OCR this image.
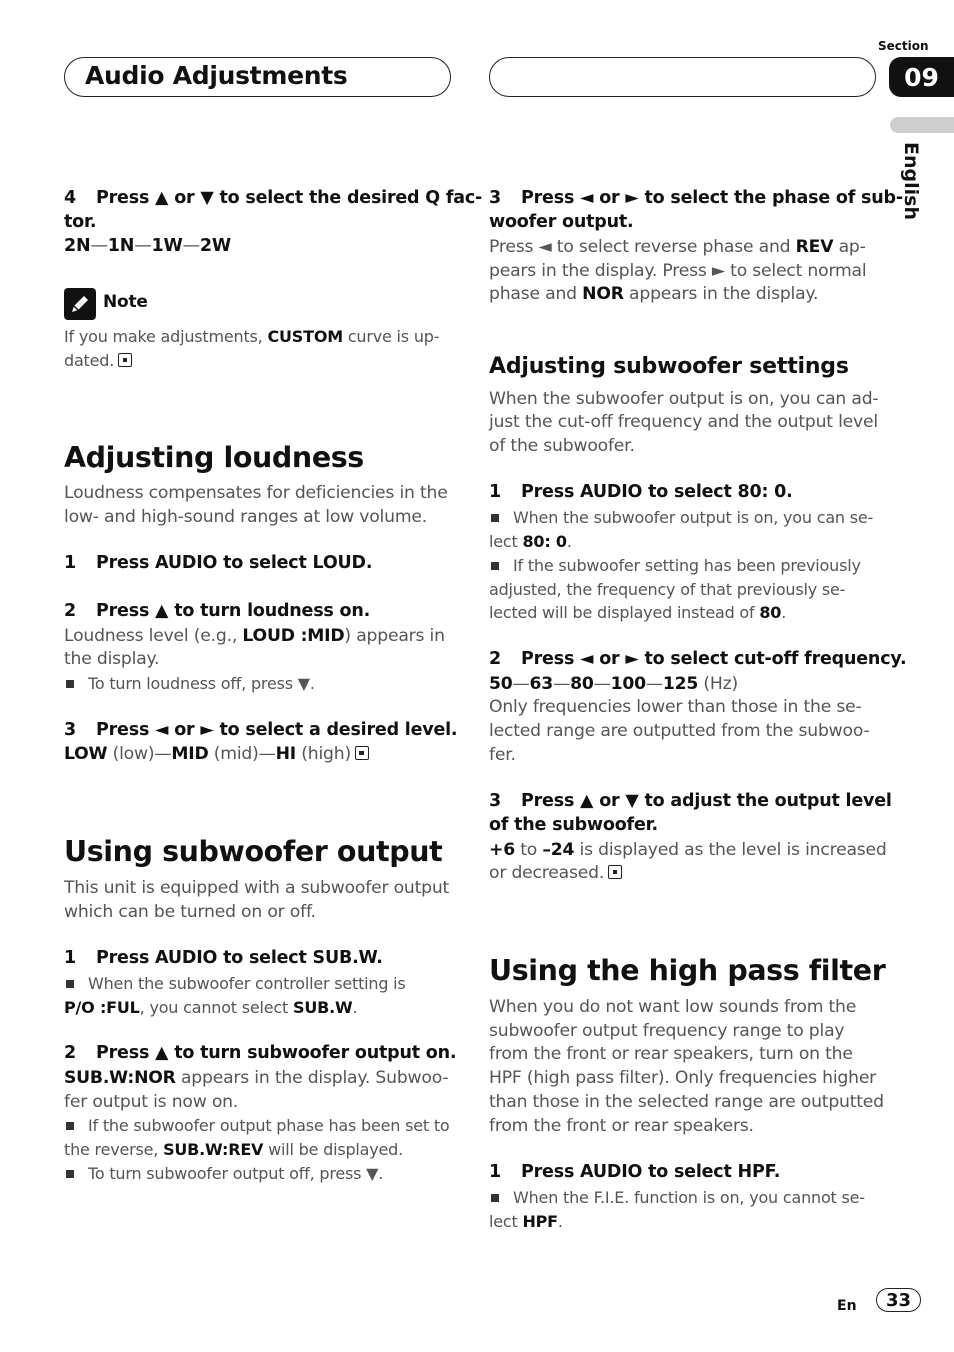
Audio Adjustments
Section
09
English
4 Press ▲ or ▼ to select the desired Q fac-
tor.
2N—1N—1W—2W
Note
If you make adjustments, CUSTOM curve is up-
dated.
Adjusting loudness
Loudness compensates for deficiencies in the
low- and high-sound ranges at low volume.
1 Press AUDIO to select LOUD.
2 Press ▲ to turn loudness on.
Loudness level (e.g., LOUD :MID) appears in
the display.
To turn loudness off, press ▼.
3 Press ◄ or ► to select a desired level.
LOW (low)—MID (mid)—HI (high)
Using subwoofer output
This unit is equipped with a subwoofer output
which can be turned on or off.
1 Press AUDIO to select SUB.W.
When the subwoofer controller setting is
P/O :FUL, you cannot select SUB.W.
2 Press ▲ to turn subwoofer output on.
SUB.W:NOR appears in the display. Subwoo-
fer output is now on.
If the subwoofer output phase has been set to
the reverse, SUB.W:REV will be displayed.
To turn subwoofer output off, press ▼.
3 Press ◄ or ► to select the phase of sub-
woofer output.
Press ◄ to select reverse phase and REV ap-
pears in the display. Press ► to select normal
phase and NOR appears in the display.
Adjusting subwoofer settings
When the subwoofer output is on, you can ad-
just the cut-off frequency and the output level
of the subwoofer.
1 Press AUDIO to select 80: 0.
When the subwoofer output is on, you can se-
lect 80: 0.
If the subwoofer setting has been previously
adjusted, the frequency of that previously se-
lected will be displayed instead of 80.
2 Press ◄ or ► to select cut-off frequency.
50—63—80—100—125 (Hz)
Only frequencies lower than those in the se-
lected range are outputted from the subwoo-
fer.
3 Press ▲ or ▼ to adjust the output level
of the subwoofer.
+6 to –24 is displayed as the level is increased
or decreased.
Using the high pass filter
When you do not want low sounds from the
subwoofer output frequency range to play
from the front or rear speakers, turn on the
HPF (high pass filter). Only frequencies higher
than those in the selected range are outputted
from the front or rear speakers.
1 Press AUDIO to select HPF.
When the F.I.E. function is on, you cannot se-
lect HPF.
En 33
